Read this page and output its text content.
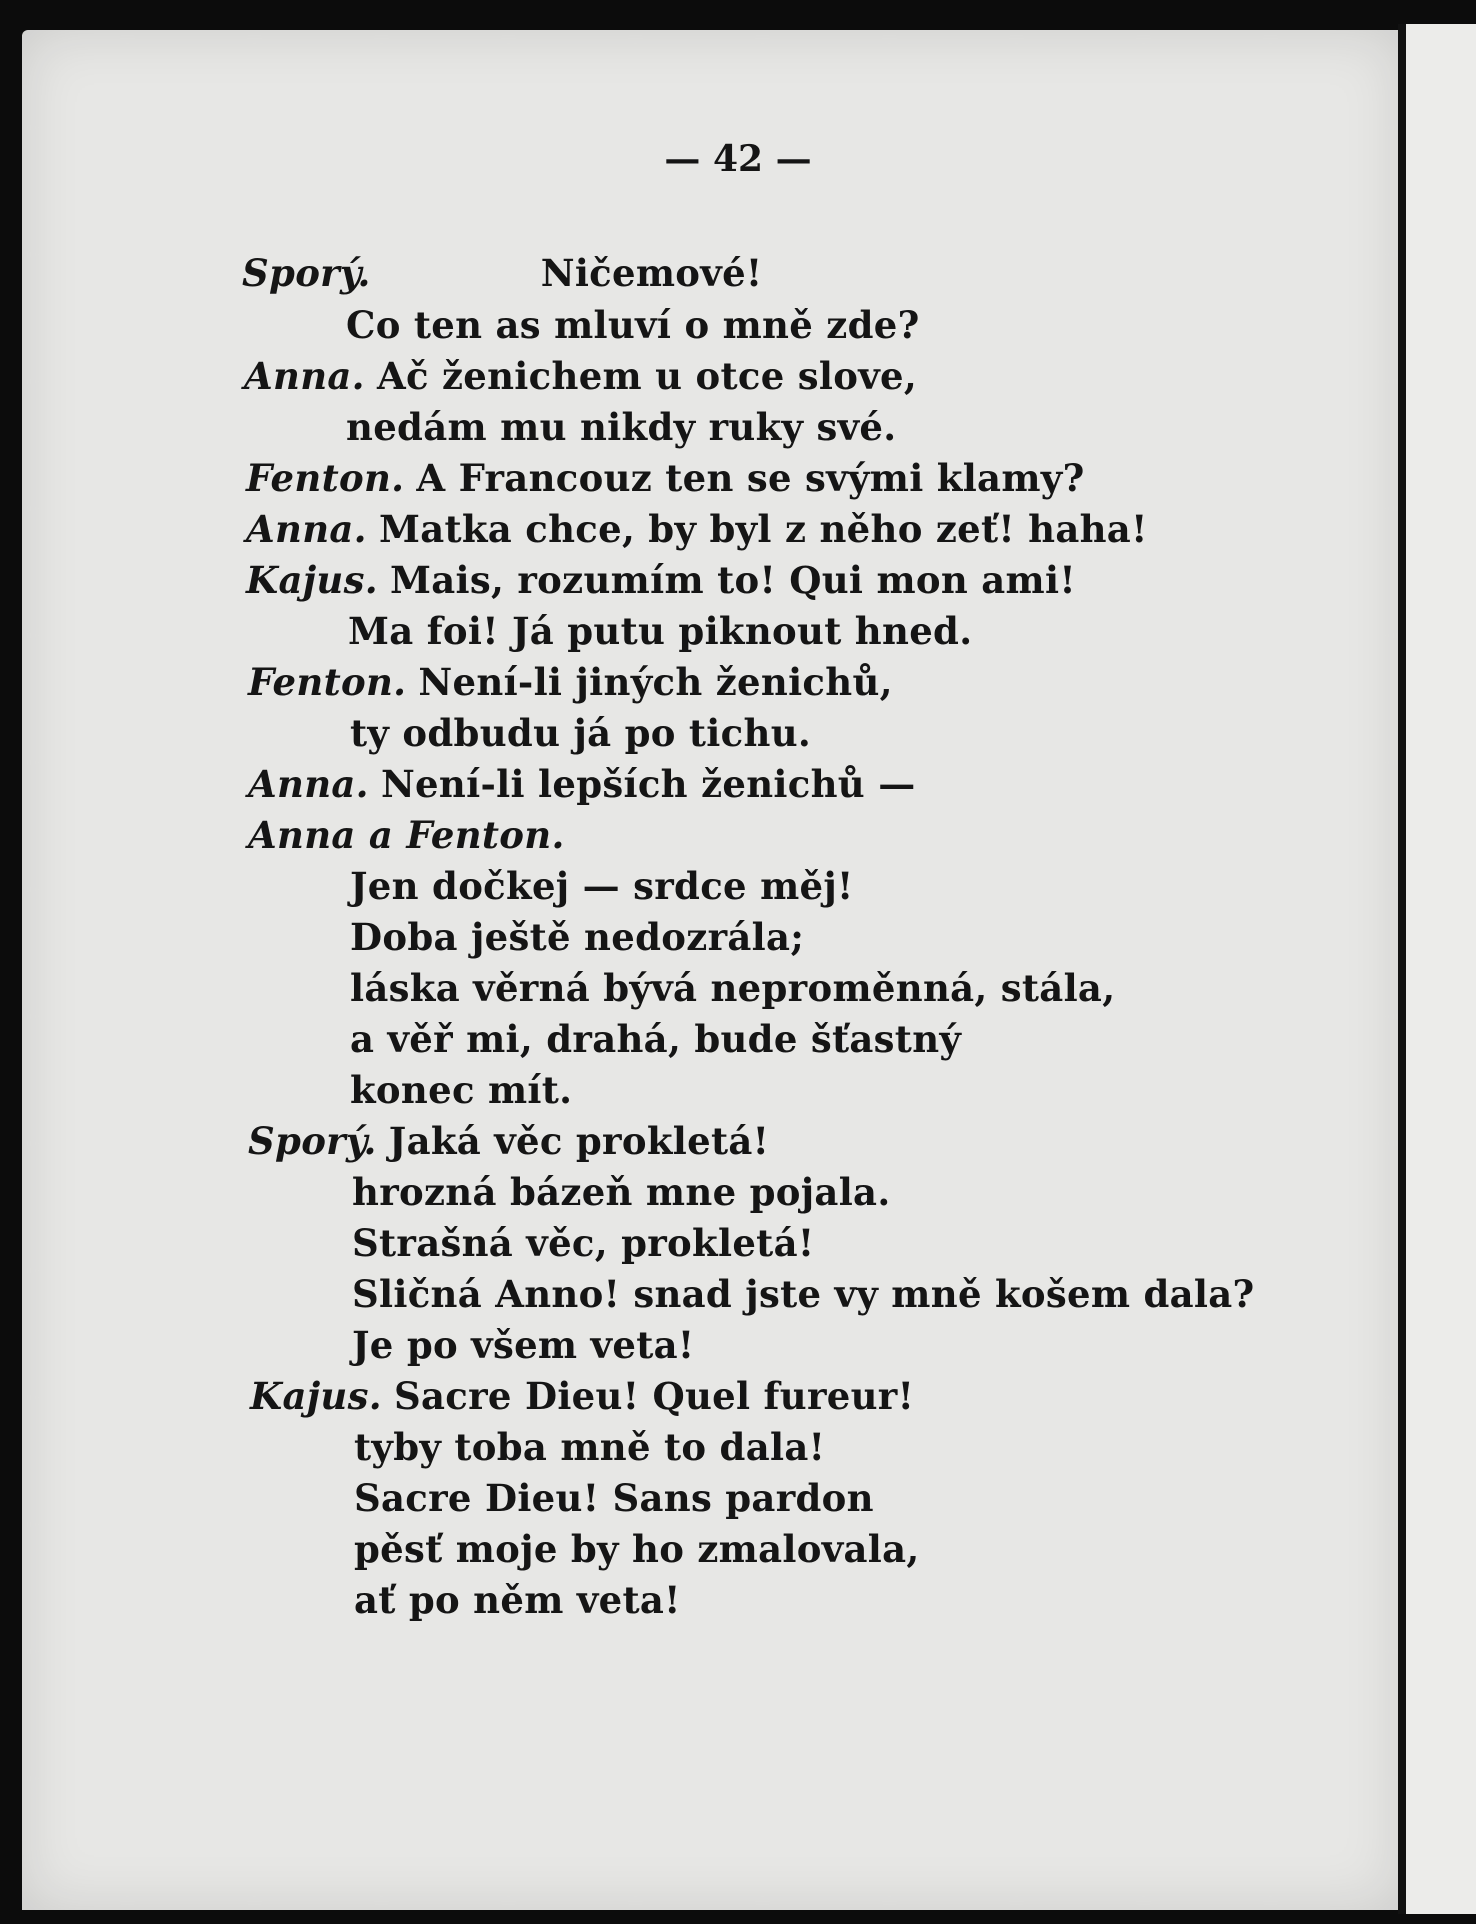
— 42 —

Sporý.	Ničemové!

Co ten as mluví o mně zde?

Anna. Ač ženichem u otce slove,

nedám mu nikdy ruky své.

Fenton. A Francouz ten se svými klamy?

Anna. Matka chce, by byl z něho zeť! haha!

Kajus. Mais, rozumím to! Qui mon ami!

Ma foi! Já putu piknout hned.

Fenton. Není-li jiných ženichů,

ty odbudu já po tichu.

Anna. Není-li lepších ženichů —

Anna a Fenton.

Jen dočkej — srdce měj!

Doba ještě nedozrála;

láska věrná bývá neproměnná, stála,

a věř mi, drahá, bude šťastný

konec mít.

Sporý. Jaká věc prokletá!

hrozná bázeň mne pojala.

Strašná věc, prokletá!

Sličná Anno! snad jste vy mně košem dala?

Je po všem veta!

Kajus. Sacre Dieu! Quel fureur!

tyby toba mně to dala!

Sacre Dieu! Sans pardon

pěsť moje by ho zmalovala,

ať po něm veta!
